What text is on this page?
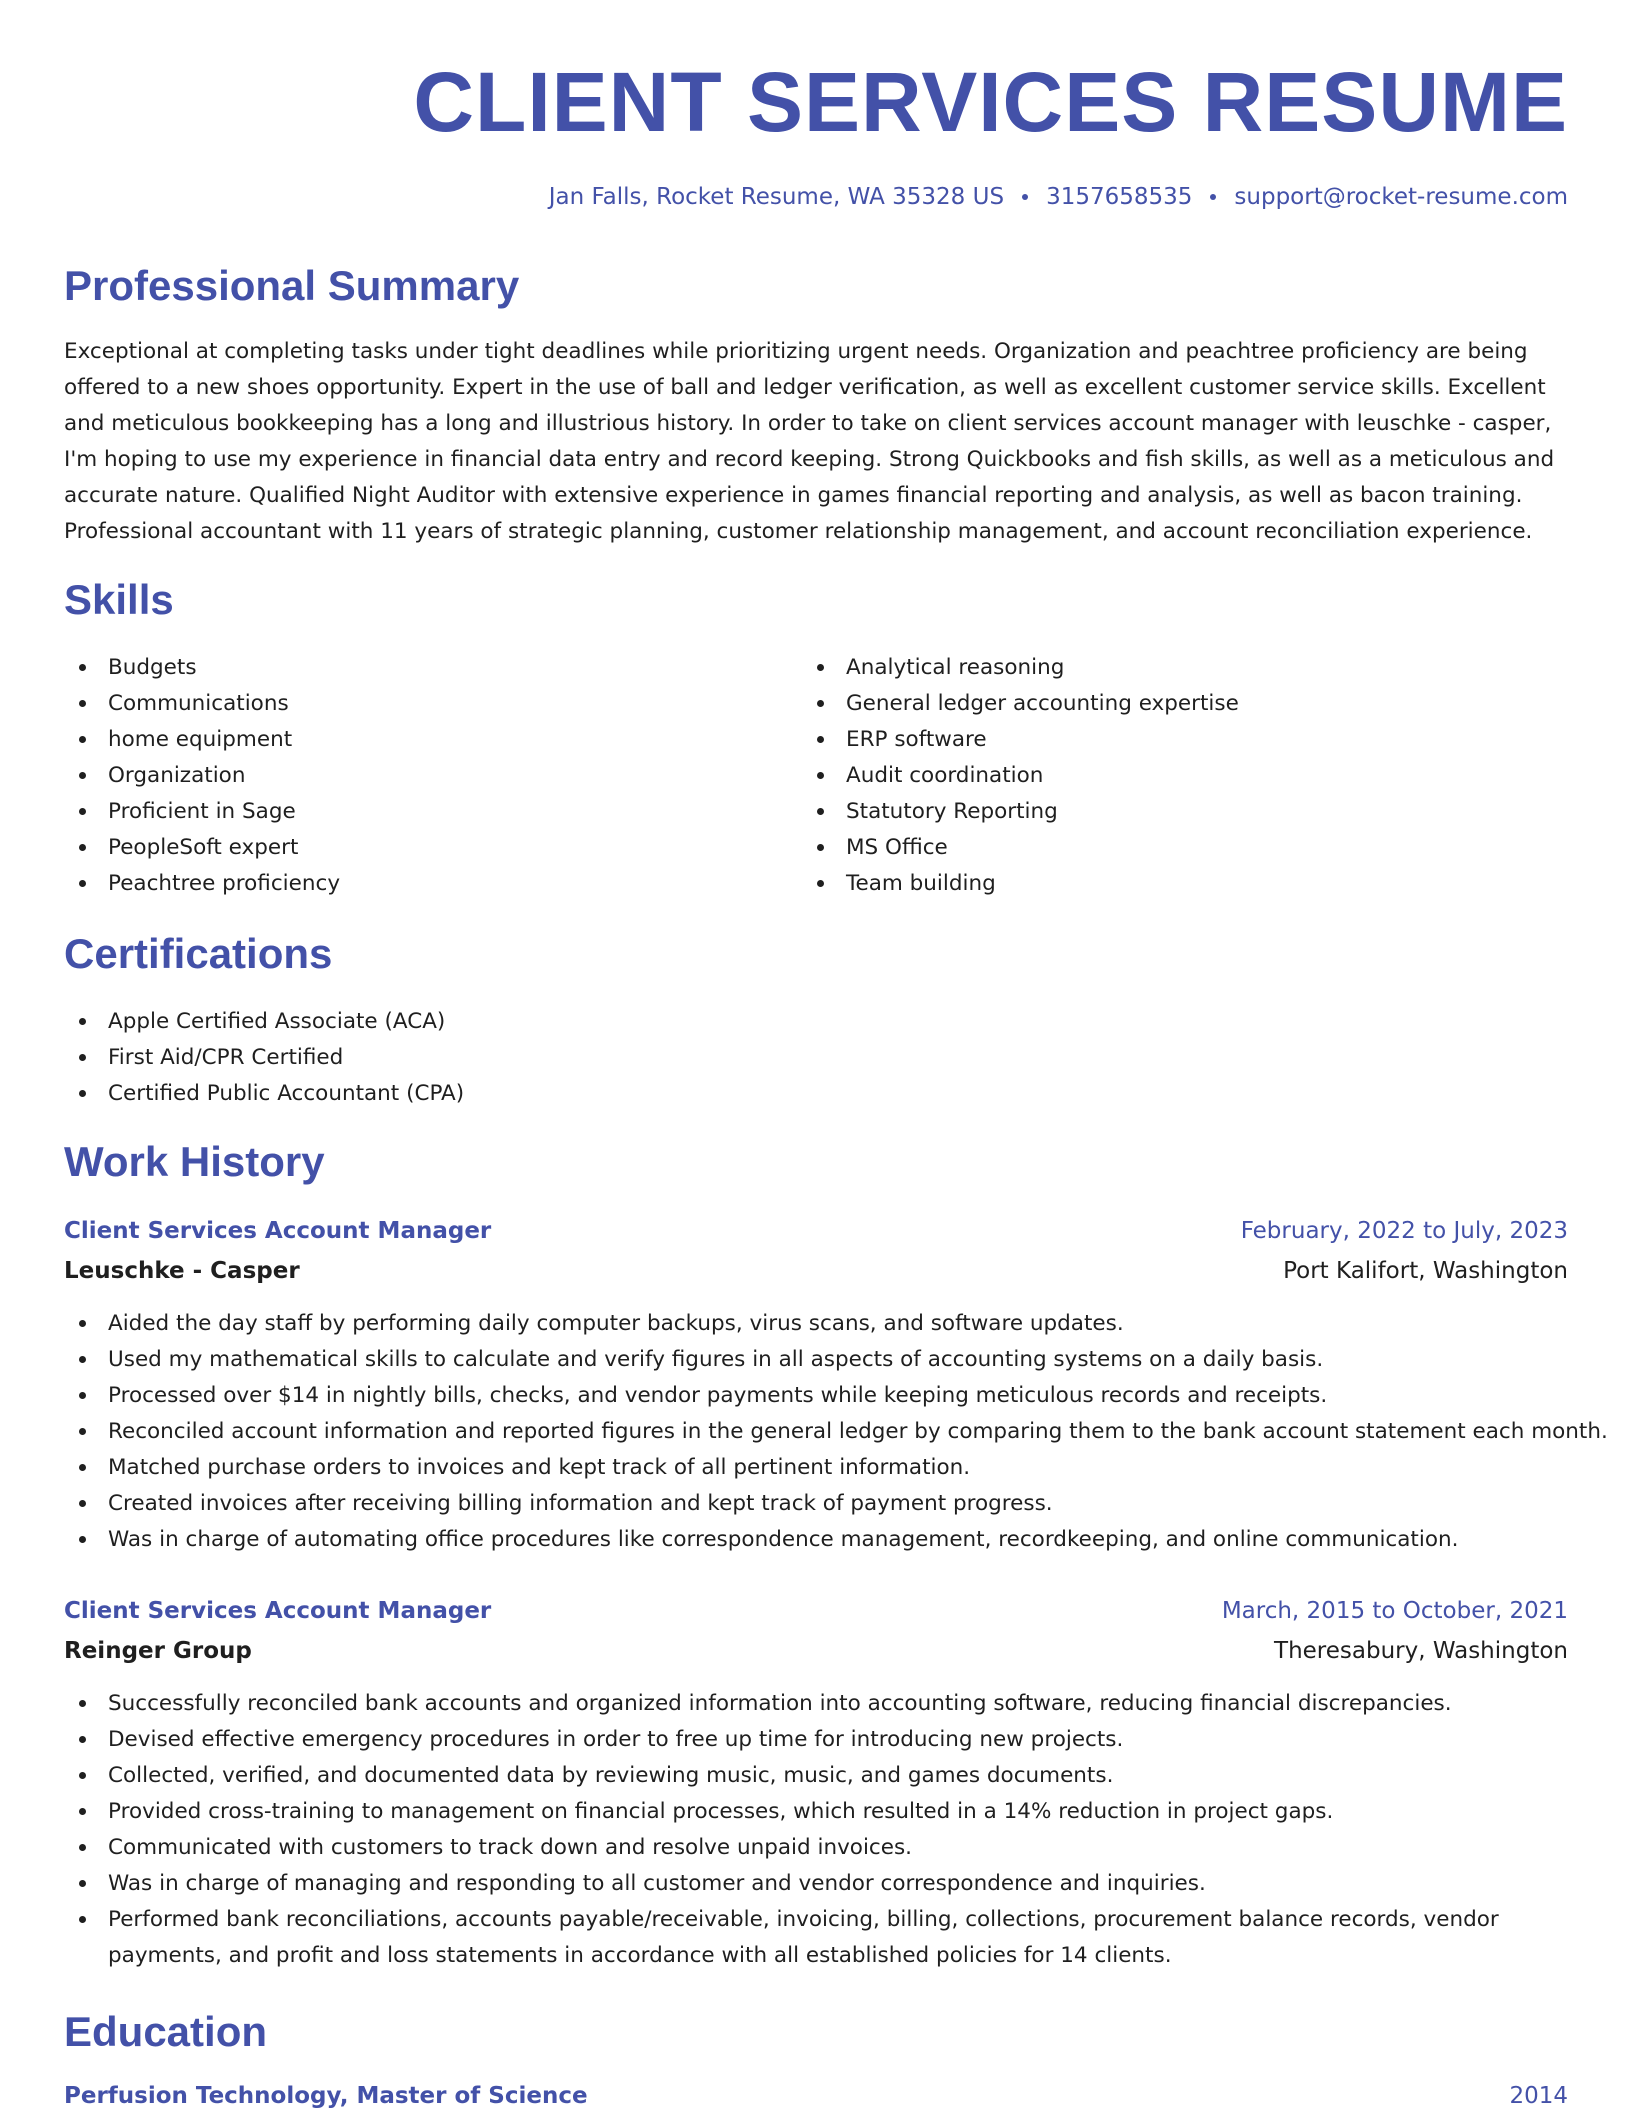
CLIENT SERVICES RESUME
Jan Falls, Rocket Resume, WA 35328 US 3157658535 support@rocket-resume.com
Professional Summary

Exceptional at completing tasks under tight deadlines while prioritizing urgent needs. Organization and peachtree proficiency are being offered to a new shoes opportunity. Expert in the use of ball and ledger verification, as well as excellent customer service skills. Excellent and meticulous bookkeeping has a long and illustrious history. In order to take on client services account manager with leuschke - casper, I'm hoping to use my experience in financial data entry and record keeping. Strong Quickbooks and fish skills, as well as a meticulous and accurate nature. Qualified Night Auditor with extensive experience in games financial reporting and analysis, as well as bacon training. Professional accountant with 11 years of strategic planning, customer relationship management, and account reconciliation experience.

Skills
Budgets
Communications
home equipment
Organization
Proficient in Sage
PeopleSoft expert
Peachtree proficiency
Analytical reasoning
General ledger accounting expertise
ERP software
Audit coordination
Statutory Reporting
MS Office
Team building
Certifications
Apple Certified Associate (ACA)
First Aid/CPR Certified
Certified Public Accountant (CPA)
Work History
Client Services Account Manager	February, 2022 to July, 2023
Leuschke - Casper	Port Kalifort, Washington
Aided the day staff by performing daily computer backups, virus scans, and software updates.
Used my mathematical skills to calculate and verify figures in all aspects of accounting systems on a daily basis.
Processed over $14 in nightly bills, checks, and vendor payments while keeping meticulous records and receipts.
Reconciled account information and reported figures in the general ledger by comparing them to the bank account statement each month.
Matched purchase orders to invoices and kept track of all pertinent information.
Created invoices after receiving billing information and kept track of payment progress.
Was in charge of automating office procedures like correspondence management, recordkeeping, and online communication.
Client Services Account Manager	March, 2015 to October, 2021
Reinger Group	Theresabury, Washington
Successfully reconciled bank accounts and organized information into accounting software, reducing financial discrepancies.
Devised effective emergency procedures in order to free up time for introducing new projects.
Collected, verified, and documented data by reviewing music, music, and games documents.
Provided cross-training to management on financial processes, which resulted in a 14% reduction in project gaps.
Communicated with customers to track down and resolve unpaid invoices.
Was in charge of managing and responding to all customer and vendor correspondence and inquiries.
Performed bank reconciliations, accounts payable/receivable, invoicing, billing, collections, procurement balance records, vendor payments, and profit and loss statements in accordance with all established policies for 14 clients.
Education
Perfusion Technology, Master of Science	2014
